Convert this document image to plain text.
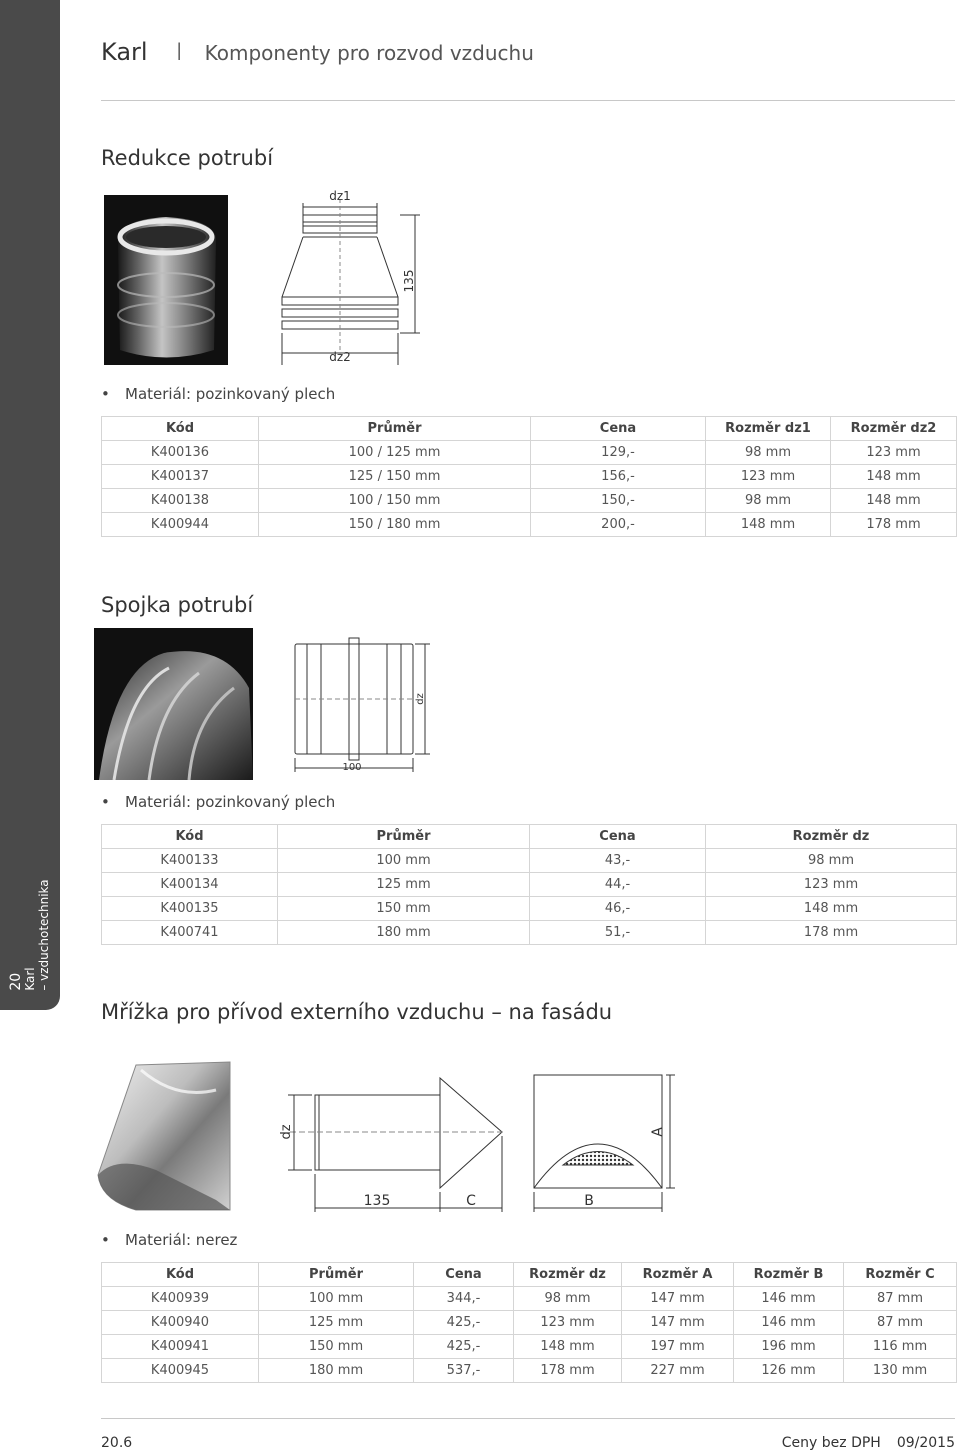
20 Karl – vzduchotechnika
Karl I Komponenty pro rozvod vzduchu
Redukce potrubí
dz1
dz2
135
• Materiál: pozinkovaný plech
Kód	Průměr	Cena	Rozměr dz1	Rozměr dz2
K400136	100 / 125 mm	129,-	98 mm	123 mm
K400137	125 / 150 mm	156,-	123 mm	148 mm
K400138	100 / 150 mm	150,-	98 mm	148 mm
K400944	150 / 180 mm	200,-	148 mm	178 mm
Spojka potrubí
100
dz
• Materiál: pozinkovaný plech
Kód	Průměr	Cena	Rozměr dz
K400133	100 mm	43,-	98 mm
K400134	125 mm	44,-	123 mm
K400135	150 mm	46,-	148 mm
K400741	180 mm	51,-	178 mm
Mřížka pro přívod externího vzduchu – na fasádu
dz
135	C	B
A
• Materiál: nerez
Kód	Průměr	Cena	Rozměr dz	Rozměr A	Rozměr B	Rozměr C
K400939	100 mm	344,-	98 mm	147 mm	146 mm	87 mm
K400940	125 mm	425,-	123 mm	147 mm	146 mm	87 mm
K400941	150 mm	425,-	148 mm	197 mm	196 mm	116 mm
K400945	180 mm	537,-	178 mm	227 mm	126 mm	130 mm
20.6	Ceny bez DPH 09/2015
